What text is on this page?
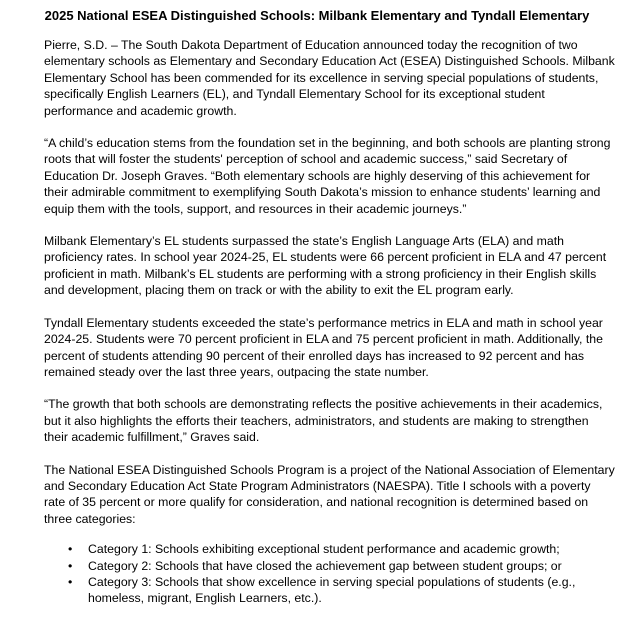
2025 National ESEA Distinguished Schools: Milbank Elementary and Tyndall Elementary

Pierre, S.D. – The South Dakota Department of Education announced today the recognition of two elementary schools as Elementary and Secondary Education Act (ESEA) Distinguished Schools. Milbank Elementary School has been commended for its excellence in serving special populations of students, specifically English Learners (EL), and Tyndall Elementary School for its exceptional student performance and academic growth.

“A child’s education stems from the foundation set in the beginning, and both schools are planting strong roots that will foster the students' perception of school and academic success,” said Secretary of Education Dr. Joseph Graves. “Both elementary schools are highly deserving of this achievement for their admirable commitment to exemplifying South Dakota’s mission to enhance students’ learning and equip them with the tools, support, and resources in their academic journeys.”

Milbank Elementary’s EL students surpassed the state’s English Language Arts (ELA) and math proficiency rates. In school year 2024-25, EL students were 66 percent proficient in ELA and 47 percent proficient in math. Milbank’s EL students are performing with a strong proficiency in their English skills and development, placing them on track or with the ability to exit the EL program early.

Tyndall Elementary students exceeded the state’s performance metrics in ELA and math in school year 2024-25. Students were 70 percent proficient in ELA and 75 percent proficient in math. Additionally, the percent of students attending 90 percent of their enrolled days has increased to 92 percent and has remained steady over the last three years, outpacing the state number.

“The growth that both schools are demonstrating reflects the positive achievements in their academics, but it also highlights the efforts their teachers, administrators, and students are making to strengthen their academic fulfillment,” Graves said.

The National ESEA Distinguished Schools Program is a project of the National Association of Elementary and Secondary Education Act State Program Administrators (NAESPA). Title I schools with a poverty rate of 35 percent or more qualify for consideration, and national recognition is determined based on three categories:

• Category 1: Schools exhibiting exceptional student performance and academic growth;
• Category 2: Schools that have closed the achievement gap between student groups; or
• Category 3: Schools that show excellence in serving special populations of students (e.g., homeless, migrant, English Learners, etc.).
